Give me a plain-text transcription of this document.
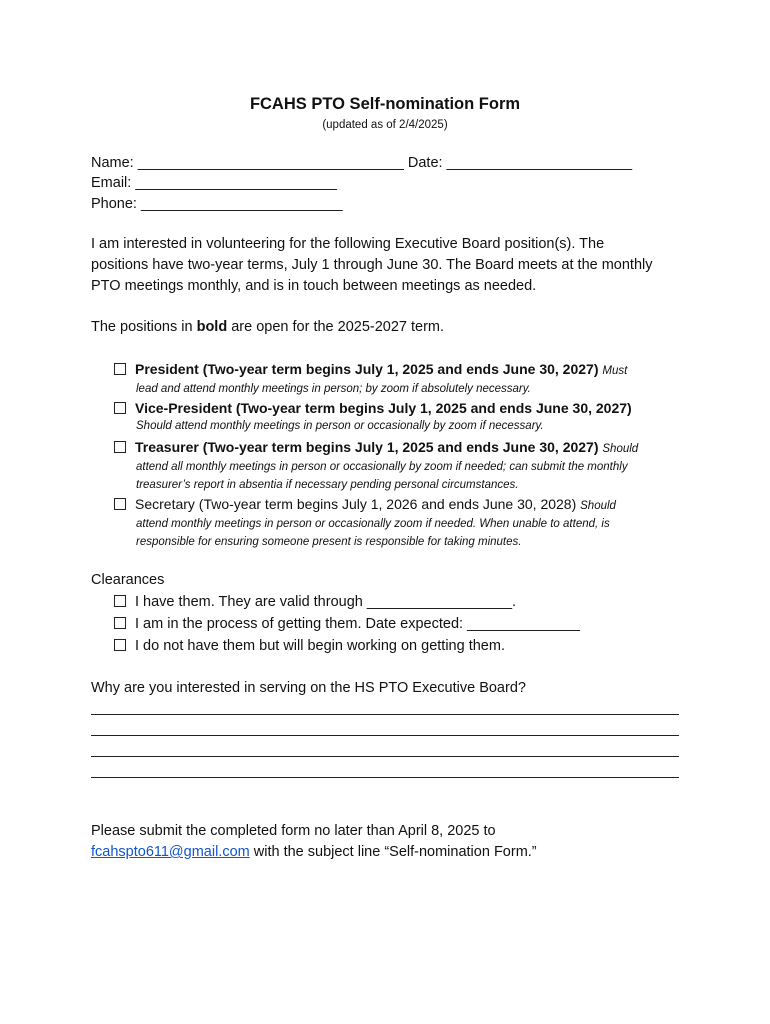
FCAHS PTO Self-nomination Form
(updated as of 2/4/2025)
Name: _________________________________ Date: _______________________
Email: _________________________
Phone: _________________________
I am interested in volunteering for the following Executive Board position(s). The
positions have two-year terms, July 1 through June 30. The Board meets at the monthly
PTO meetings monthly, and is in touch between meetings as needed.
The positions in bold are open for the 2025-2027 term.
President (Two-year term begins July 1, 2025 and ends June 30, 2027) Must
lead and attend monthly meetings in person; by zoom if absolutely necessary.
Vice-President (Two-year term begins July 1, 2025 and ends June 30, 2027)
Should attend monthly meetings in person or occasionally by zoom if necessary.
Treasurer (Two-year term begins July 1, 2025 and ends June 30, 2027) Should
attend all monthly meetings in person or occasionally by zoom if needed; can submit the monthly
treasurer’s report in absentia if necessary pending personal circumstances.
Secretary (Two-year term begins July 1, 2026 and ends June 30, 2028) Should
attend monthly meetings in person or occasionally zoom if needed. When unable to attend, is
responsible for ensuring someone present is responsible for taking minutes.
Clearances
I have them. They are valid through __________________.
I am in the process of getting them. Date expected: ______________
I do not have them but will begin working on getting them.
Why are you interested in serving on the HS PTO Executive Board?
Please submit the completed form no later than April 8, 2025 to
fcahspto611@gmail.com with the subject line “Self-nomination Form.”
